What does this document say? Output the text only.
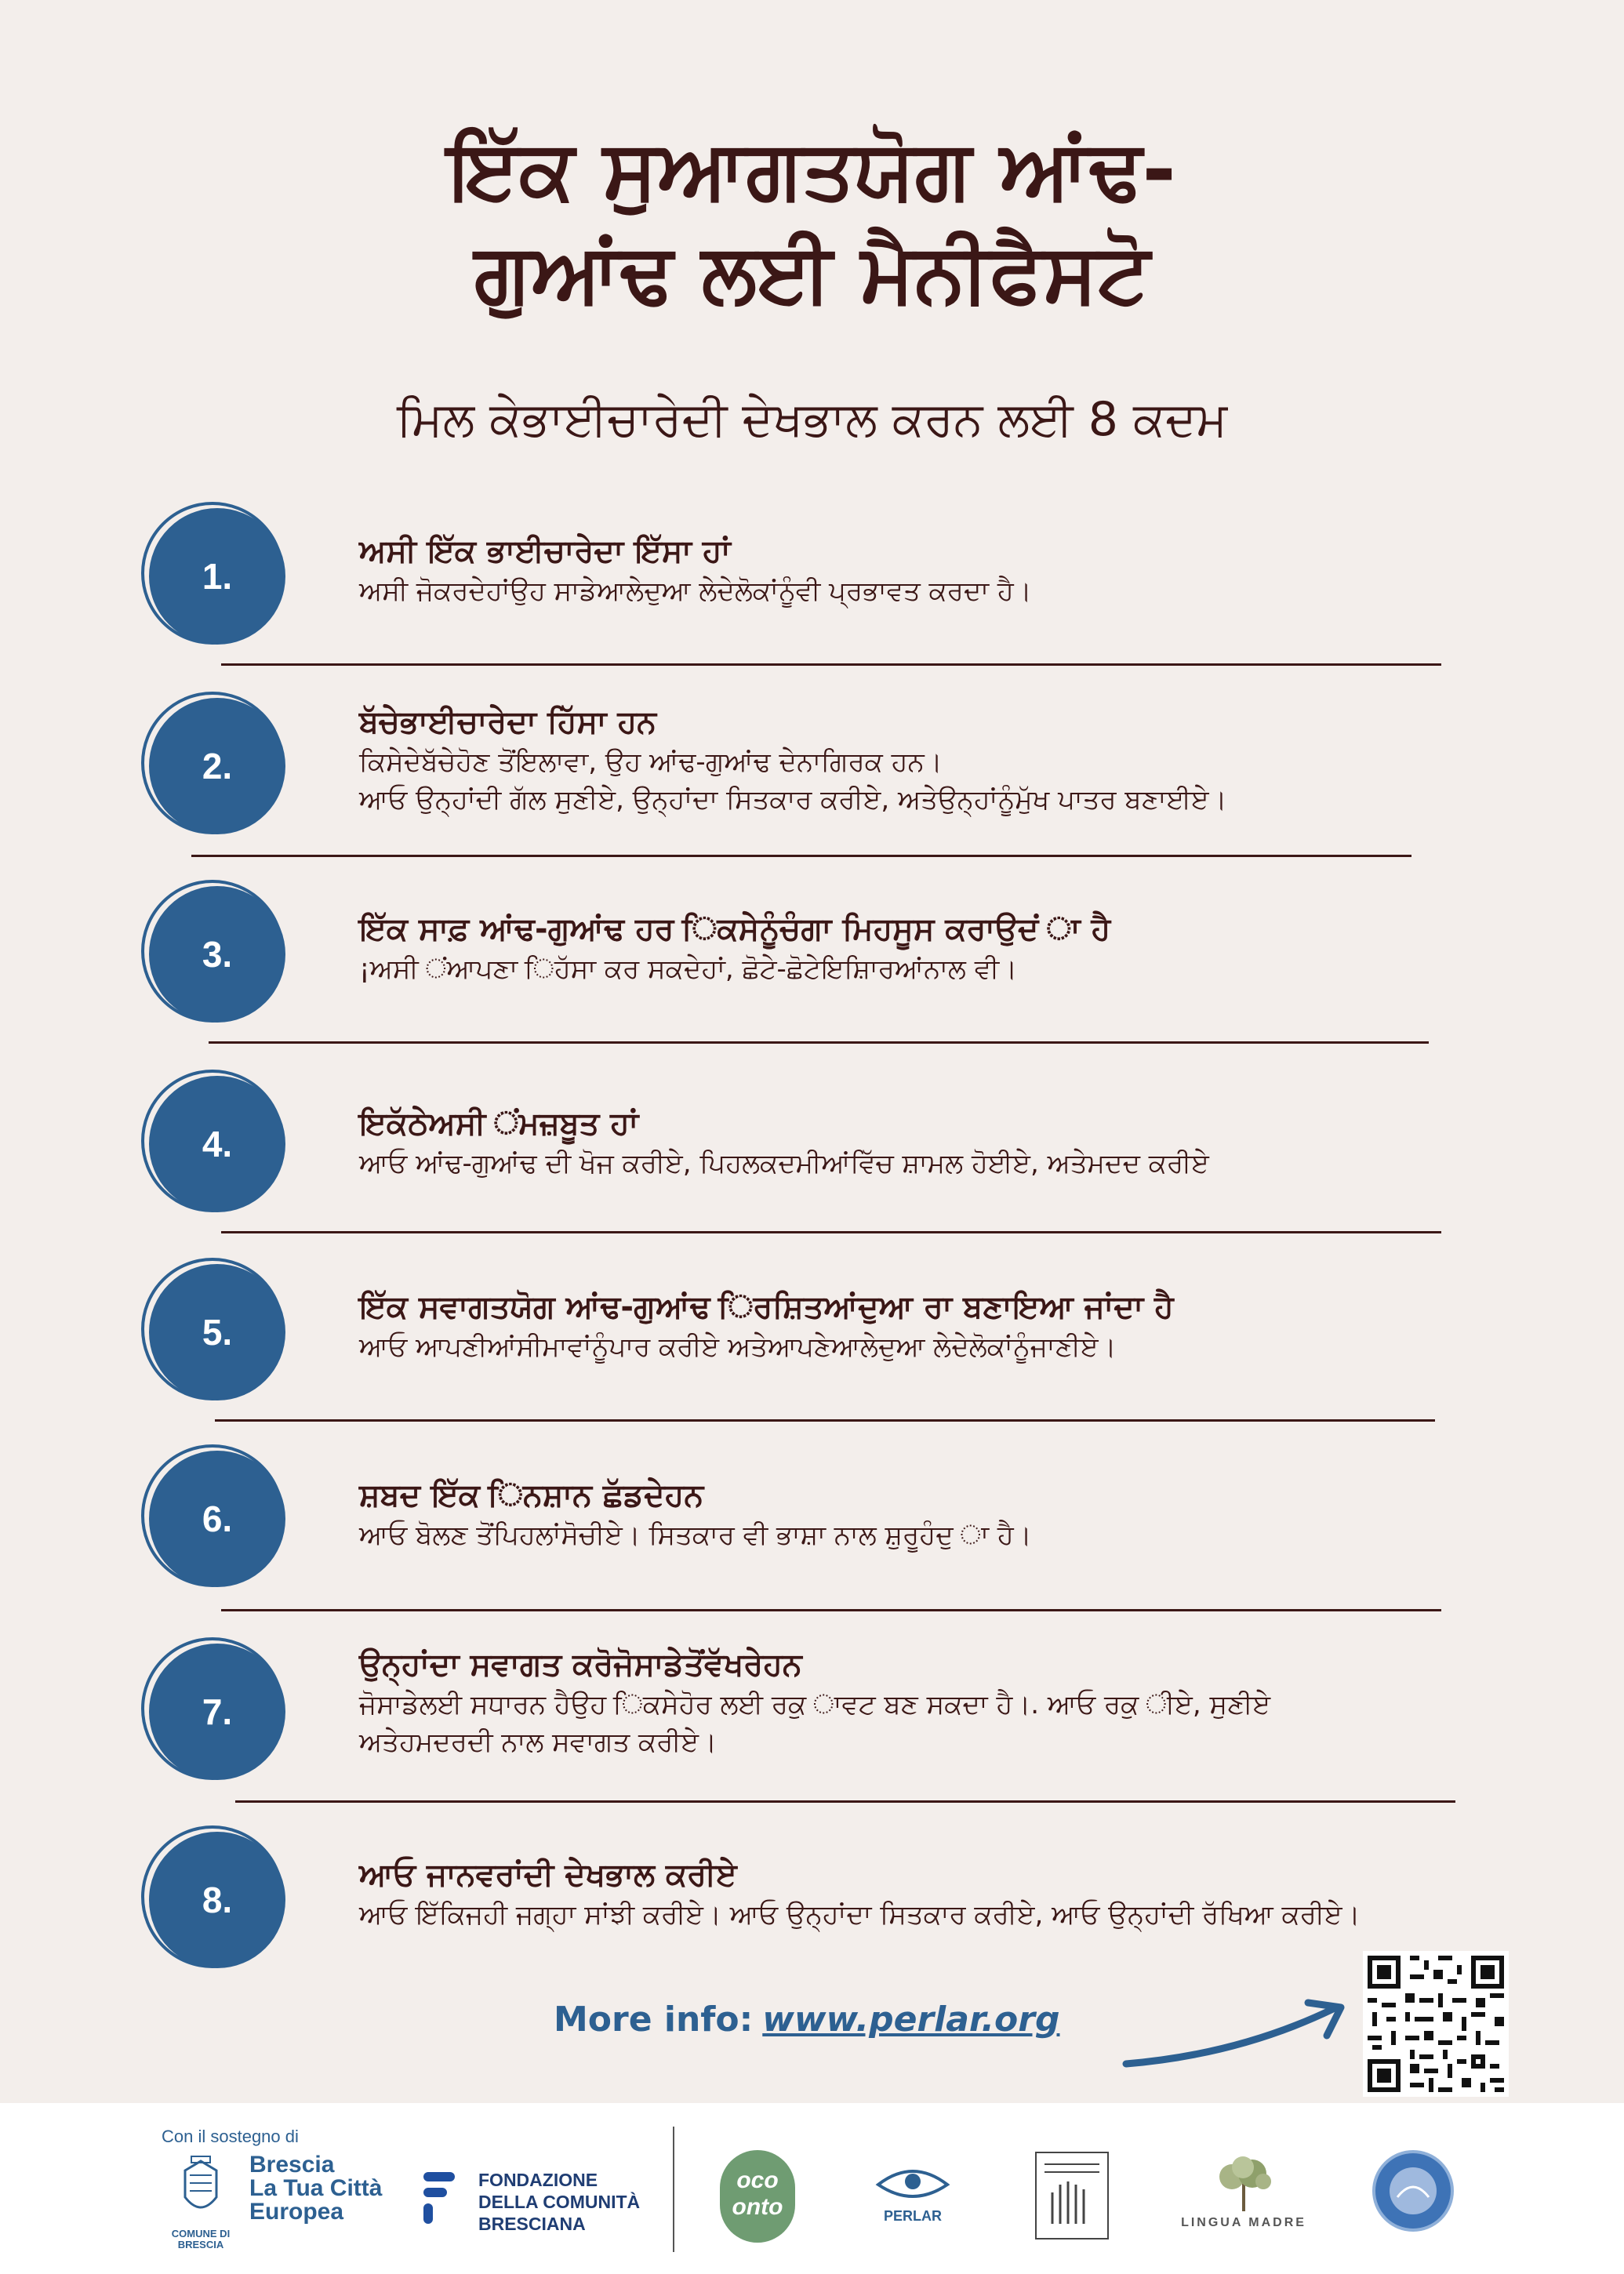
ਇੱਕ ਸੁਆਗਤਯੋਗ ਆਂਢ-
ਗੁਆਂਢ ਲਈ ਮੈਨੀਫੈਸਟੋ
ਮਿਲ ਕੇਭਾਈਚਾਰੇਦੀ ਦੇਖਭਾਲ ਕਰਨ ਲਈ 8 ਕਦਮ
1.
ਅਸੀ ਇੱਕ ਭਾਈਚਾਰੇਦਾ ਇੱਸਾ ਹਾਂ
ਅਸੀ ਜੋਕਰਦੇਹਾਂਉਹ ਸਾਡੇਆਲੇਦੁਆ ਲੇਦੇਲੋਕਾਂਨੂੰਵੀ ਪ੍ਰਭਾਵਤ ਕਰਦਾ ਹੈ।
2.
ਬੱਚੇਭਾਈਚਾਰੇਦਾ ਹਿੱਸਾ ਹਨ
ਕਿਸੇਦੇਬੱਚੇਹੋਣ ਤੋਂਇਲਾਵਾ, ਉਹ ਆਂਢ-ਗੁਆਂਢ ਦੇਨਾਗਿਰਕ ਹਨ।
ਆਓ ਉਨ੍ਹਾਂਦੀ ਗੱਲ ਸੁਣੀਏ, ਉਨ੍ਹਾਂਦਾ ਸਿਤਕਾਰ ਕਰੀਏ, ਅਤੇਉਨ੍ਹਾਂਨੂੰਮੁੱਖ ਪਾਤਰ ਬਣਾਈਏ।
3.
ਇੱਕ ਸਾਫ਼ ਆਂਢ-ਗੁਆਂਢ ਹਰ ਿਕਸੇਨੂੰਚੰਗਾ ਮਿਹਸੂਸ ਕਰਾਉਦਂ ਾ ਹੈ
¡ਅਸੀ ਂਆਪਣਾ ਿਹੱਸਾ ਕਰ ਸਕਦੇਹਾਂ, ਛੋਟੇ-ਛੋਟੇਇਸ਼ਿਾਰਆਂਨਾਲ ਵੀ।
4.	ਇਕੱਠੇਅਸੀ ਂਮਜ਼ਬੂਤ ਹਾਂ
ਆਓ ਆਂਢ-ਗੁਆਂਢ ਦੀ ਖੋਜ ਕਰੀਏ, ਪਿਹਲਕਦਮੀਆਂਵਿੱਚ ਸ਼ਾਮਲ ਹੋਈਏ, ਅਤੇਮਦਦ ਕਰੀਏ
5.
ਇੱਕ ਸਵਾਗਤਯੋਗ ਆਂਢ-ਗੁਆਂਢ ਿਰਸ਼ਿਤਆਂਦੁਆ ਰਾ ਬਣਾਇਆ ਜਾਂਦਾ ਹੈ
ਆਓ ਆਪਣੀਆਂਸੀਮਾਵਾਂਨੂੰਪਾਰ ਕਰੀਏ ਅਤੇਆਪਣੇਆਲੇਦੁਆ ਲੇਦੇਲੋਕਾਂਨੂੰਜਾਣੀਏ।
6.
ਸ਼ਬਦ ਇੱਕ ਿਨਸ਼ਾਨ ਛੱਡਦੇਹਨ
ਆਓ ਬੋਲਣ ਤੋਂਪਿਹਲਾਂਸੋਚੀਏ। ਸਿਤਕਾਰ ਵੀ ਭਾਸ਼ਾ ਨਾਲ ਸ਼ੁਰੂਹੰਦੁ ਾ ਹੈ।
7.
ਉਨ੍ਹਾਂਦਾ ਸਵਾਗਤ ਕਰੋਜੋਸਾਡੇਤੋਂਵੱਖਰੇਹਨ
ਜੋਸਾਡੇਲਈ ਸਧਾਰਨ ਹੈਉਹ ਿਕਸੇਹੋਰ ਲਈ ਰਕੁ ਾਵਟ ਬਣ ਸਕਦਾ ਹੈ।. ਆਓ ਰਕੁ ੀਏ, ਸੁਣੀਏ
ਅਤੇਹਮਦਰਦੀ ਨਾਲ ਸਵਾਗਤ ਕਰੀਏ।
8.
ਆਓ ਜਾਨਵਰਾਂਦੀ ਦੇਖਭਾਲ ਕਰੀਏ
ਆਓ ਇੱਕਿਜਹੀ ਜਗ੍ਹਾ ਸਾਂਝੀ ਕਰੀਏ। ਆਓ ਉਨ੍ਹਾਂਦਾ ਸਿਤਕਾਰ ਕਰੀਏ, ਆਓ ਉਨ੍ਹਾਂਦੀ ਰੱਖਿਆ ਕਰੀਏ।
More info: www.perlar.org
Con il sostegno di
COMUNE DI
BRESCIA
Brescia
La Tua Città
Europea
FONDAZIONE
DELLA COMUNITÀ
BRESCIANA
oco
onto	PERLAR	LINGUA MADRE
